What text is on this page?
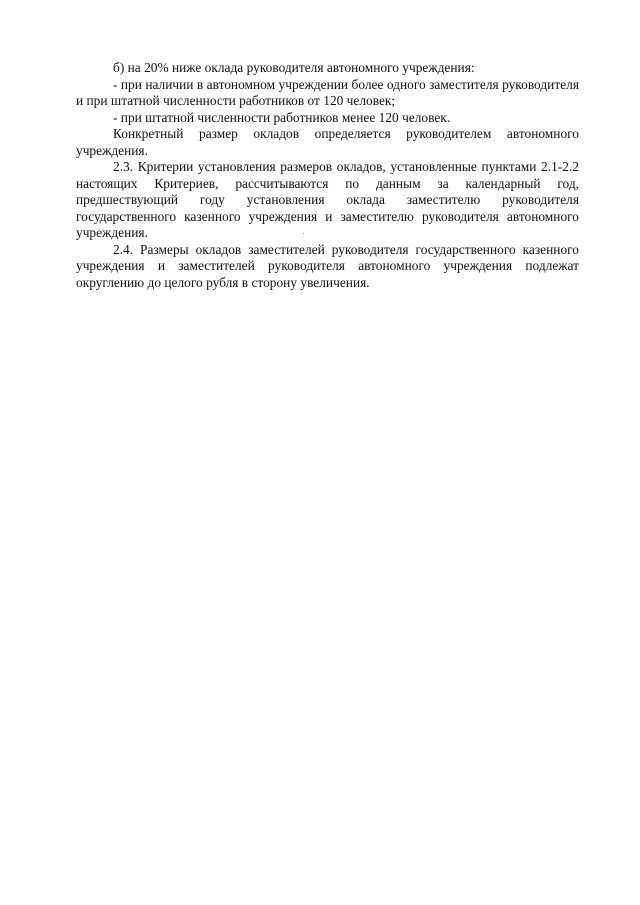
б) на 20% ниже оклада руководителя автономного учреждения:

- при наличии в автономном учреждении более одного заместителя руководителя и при штатной численности работников от 120 человек;

- при штатной численности работников менее 120 человек.

Конкретный размер окладов определяется руководителем автономного учреждения.

2.3. Критерии установления размеров окладов, установленные пунктами 2.1-2.2 настоящих Критериев, рассчитываются по данным за календарный год, предшествующий году установления оклада заместителю руководителя государственного казенного учреждения и заместителю руководителя автономного учреждения.

2.4. Размеры окладов заместителей руководителя государственного казенного учреждения и заместителей руководителя автономного учреждения подлежат округлению до целого рубля в сторону увеличения.
